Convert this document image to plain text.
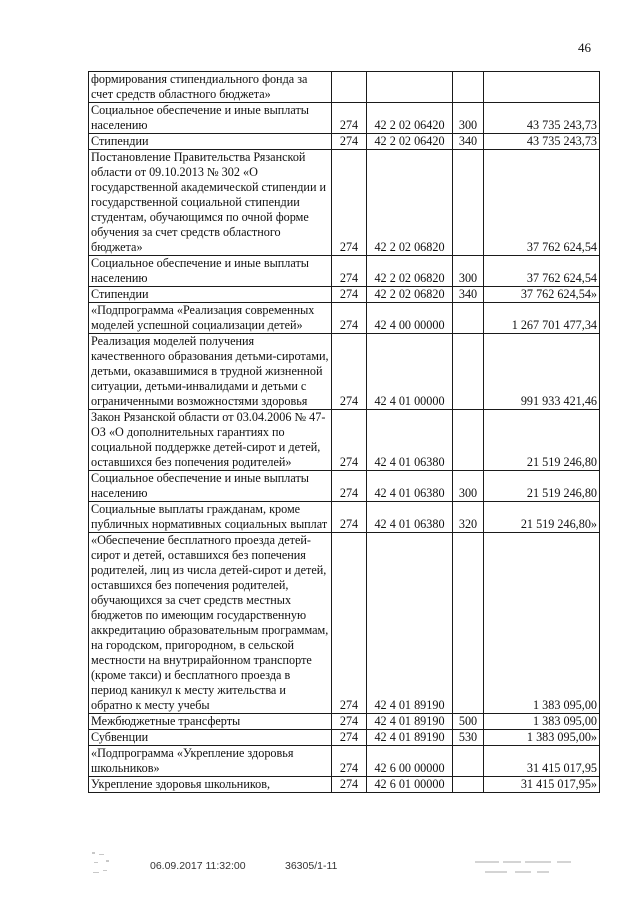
46
формирования стипендиального фонда за счет средств областного бюджета»				
Социальное обеспечение и иные выплаты населению	274	42 2 02 06420	300	43 735 243,73
Стипендии	274	42 2 02 06420	340	43 735 243,73
Постановление Правительства Рязанской области от 09.10.2013 № 302 «О государственной академической стипендии и государственной социальной стипендии студентам, обучающимся по очной форме обучения за счет средств областного бюджета»	274	42 2 02 06820		37 762 624,54
Социальное обеспечение и иные выплаты населению	274	42 2 02 06820	300	37 762 624,54
Стипендии	274	42 2 02 06820	340	37 762 624,54»
«Подпрограмма «Реализация современных моделей успешной социализации детей»	274	42 4 00 00000		1 267 701 477,34
Реализация моделей получения качественного образования детьми-сиротами, детьми, оказавшимися в трудной жизненной ситуации, детьми-инвалидами и детьми с ограниченными возможностями здоровья	274	42 4 01 00000		991 933 421,46
Закон Рязанской области от 03.04.2006 № 47-ОЗ «О дополнительных гарантиях по социальной поддержке детей-сирот и детей, оставшихся без попечения родителей»	274	42 4 01 06380		21 519 246,80
Социальное обеспечение и иные выплаты населению	274	42 4 01 06380	300	21 519 246,80
Социальные выплаты гражданам, кроме публичных нормативных социальных выплат	274	42 4 01 06380	320	21 519 246,80»
«Обеспечение бесплатного проезда детей-сирот и детей, оставшихся без попечения родителей, лиц из числа детей-сирот и детей, оставшихся без попечения родителей, обучающихся за счет средств местных бюджетов по имеющим государственную аккредитацию образовательным программам, на городском, пригородном, в сельской местности на внутрирайонном транспорте (кроме такси) и бесплатного проезда в период каникул к месту жительства и обратно к месту учебы	274	42 4 01 89190		1 383 095,00
Межбюджетные трансферты	274	42 4 01 89190	500	1 383 095,00
Субвенции	274	42 4 01 89190	530	1 383 095,00»
«Подпрограмма «Укрепление здоровья школьников»	274	42 6 00 00000		31 415 017,95
Укрепление здоровья школьников,	274	42 6 01 00000		31 415 017,95»
06.09.2017 11:32:00	36305/1-11
